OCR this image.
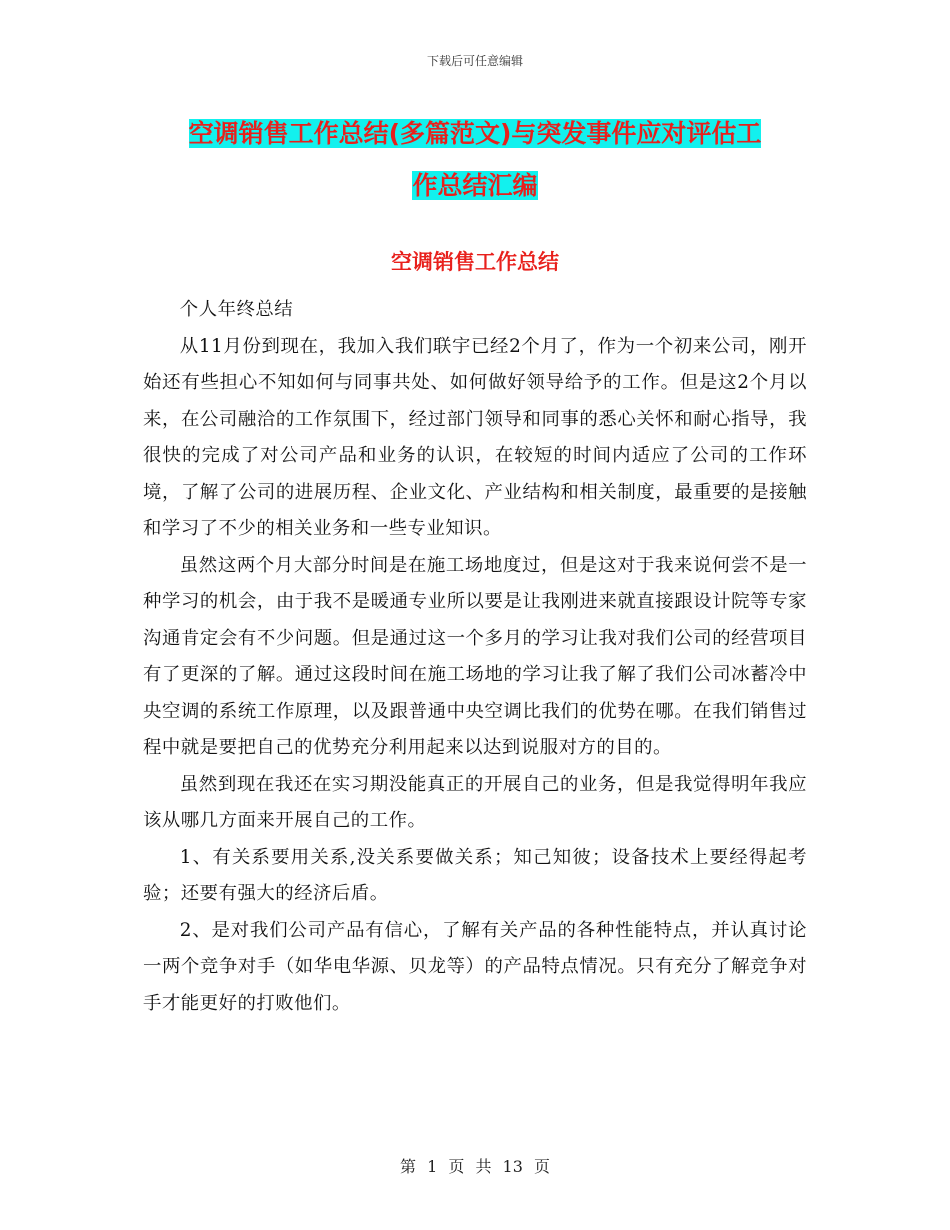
下载后可任意编辑
空调销售工作总结(多篇范文)与突发事件应对评估工
作总结汇编
空调销售工作总结

个人年终总结

从11月份到现在，我加入我们联宇已经2个月了，作为一个初来公司，刚开始还有些担心不知如何与同事共处、如何做好领导给予的工作。但是这2个月以来，在公司融洽的工作氛围下，经过部门领导和同事的悉心关怀和耐心指导，我很快的完成了对公司产品和业务的认识，在较短的时间内适应了公司的工作环境，了解了公司的进展历程、企业文化、产业结构和相关制度，最重要的是接触和学习了不少的相关业务和一些专业知识。

虽然这两个月大部分时间是在施工场地度过，但是这对于我来说何尝不是一种学习的机会，由于我不是暖通专业所以要是让我刚进来就直接跟设计院等专家沟通肯定会有不少问题。但是通过这一个多月的学习让我对我们公司的经营项目有了更深的了解。通过这段时间在施工场地的学习让我了解了我们公司冰蓄冷中央空调的系统工作原理，以及跟普通中央空调比我们的优势在哪。在我们销售过程中就是要把自己的优势充分利用起来以达到说服对方的目的。

虽然到现在我还在实习期没能真正的开展自己的业务，但是我觉得明年我应该从哪几方面来开展自己的工作。

1、有关系要用关系,没关系要做关系；知己知彼；设备技术上要经得起考验；还要有强大的经济后盾。

2、是对我们公司产品有信心，了解有关产品的各种性能特点，并认真讨论一两个竞争对手（如华电华源、贝龙等）的产品特点情况。只有充分了解竞争对手才能更好的打败他们。

第 1 页 共 13 页
